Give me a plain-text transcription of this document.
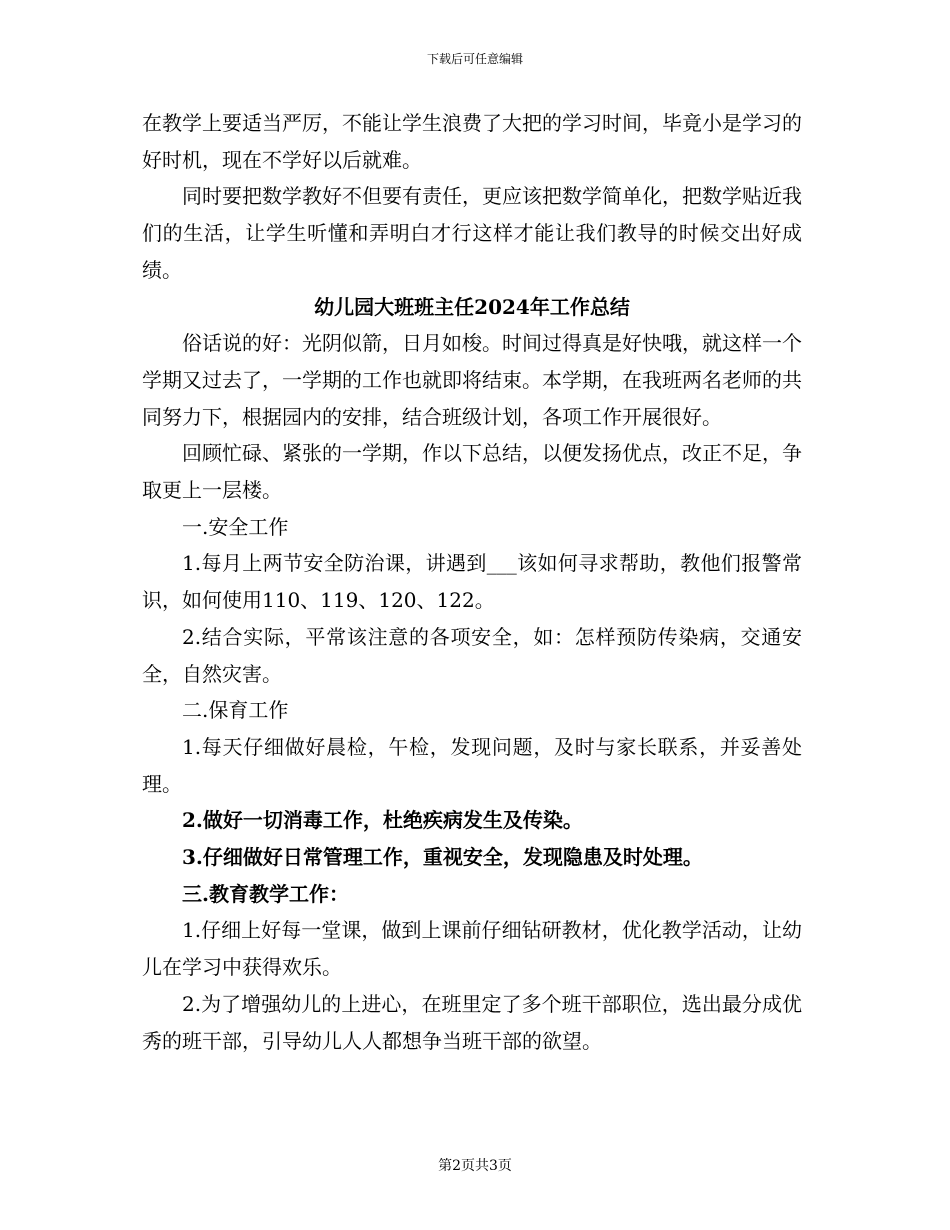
下载后可任意编辑

在教学上要适当严厉，不能让学生浪费了大把的学习时间，毕竟小是学习的好时机，现在不学好以后就难。

同时要把数学教好不但要有责任，更应该把数学简单化，把数学贴近我们的生活，让学生听懂和弄明白才行这样才能让我们教导的时候交出好成绩。

幼儿园大班班主任2024年工作总结

俗话说的好：光阴似箭，日月如梭。时间过得真是好快哦，就这样一个学期又过去了，一学期的工作也就即将结束。本学期，在我班两名老师的共同努力下，根据园内的安排，结合班级计划，各项工作开展很好。

回顾忙碌、紧张的一学期，作以下总结，以便发扬优点，改正不足，争取更上一层楼。

一.安全工作

1.每月上两节安全防治课，讲遇到___该如何寻求帮助，教他们报警常识，如何使用110、119、120、122。

2.结合实际，平常该注意的各项安全，如：怎样预防传染病，交通安全，自然灾害。

二.保育工作

1.每天仔细做好晨检，午检，发现问题，及时与家长联系，并妥善处理。

2.做好一切消毒工作，杜绝疾病发生及传染。

3.仔细做好日常管理工作，重视安全，发现隐患及时处理。

三.教育教学工作：

1.仔细上好每一堂课，做到上课前仔细钻研教材，优化教学活动，让幼儿在学习中获得欢乐。

2.为了增强幼儿的上进心，在班里定了多个班干部职位，选出最分成优秀的班干部，引导幼儿人人都想争当班干部的欲望。

第2页共3页
